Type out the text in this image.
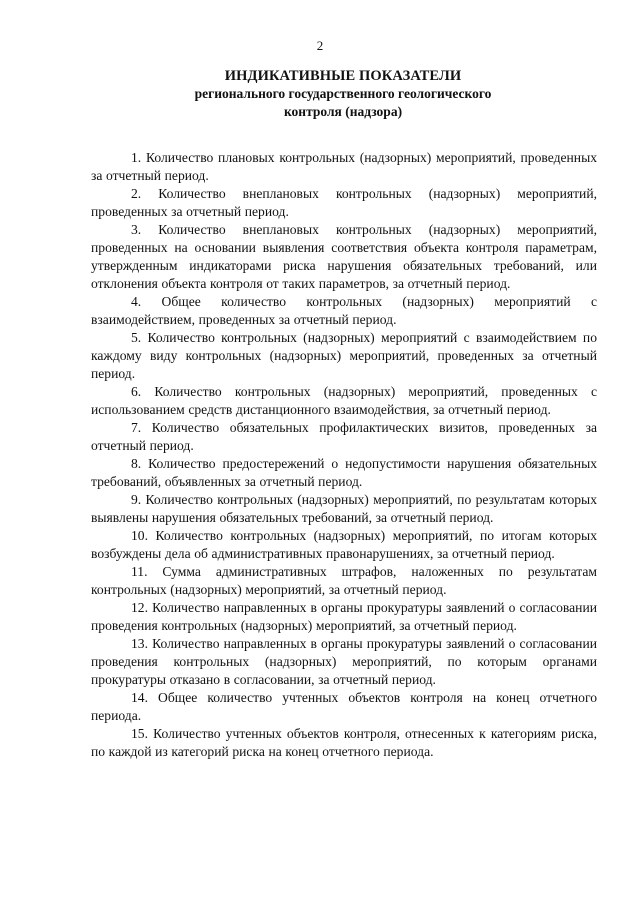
2
ИНДИКАТИВНЫЕ ПОКАЗАТЕЛИ
регионального государственного геологического
контроля (надзора)

1. Количество плановых контрольных (надзорных) мероприятий, проведенных за отчетный период.

2. Количество внеплановых контрольных (надзорных) мероприятий, проведенных за отчетный период.

3. Количество внеплановых контрольных (надзорных) мероприятий, проведенных на основании выявления соответствия объекта контроля параметрам, утвержденным индикаторами риска нарушения обязательных требований, или отклонения объекта контроля от таких параметров, за отчетный период.

4. Общее количество контрольных (надзорных) мероприятий с взаимодействием, проведенных за отчетный период.

5. Количество контрольных (надзорных) мероприятий с взаимодействием по каждому виду контрольных (надзорных) мероприятий, проведенных за отчетный период.

6. Количество контрольных (надзорных) мероприятий, проведенных с использованием средств дистанционного взаимодействия, за отчетный период.

7. Количество обязательных профилактических визитов, проведенных за отчетный период.

8. Количество предостережений о недопустимости нарушения обязательных требований, объявленных за отчетный период.

9. Количество контрольных (надзорных) мероприятий, по результатам которых выявлены нарушения обязательных требований, за отчетный период.

10. Количество контрольных (надзорных) мероприятий, по итогам которых возбуждены дела об административных правонарушениях, за отчетный период.

11. Сумма административных штрафов, наложенных по результатам контрольных (надзорных) мероприятий, за отчетный период.

12. Количество направленных в органы прокуратуры заявлений о согласовании проведения контрольных (надзорных) мероприятий, за отчетный период.

13. Количество направленных в органы прокуратуры заявлений о согласовании проведения контрольных (надзорных) мероприятий, по которым органами прокуратуры отказано в согласовании, за отчетный период.

14. Общее количество учтенных объектов контроля на конец отчетного периода.

15. Количество учтенных объектов контроля, отнесенных к категориям риска, по каждой из категорий риска на конец отчетного периода.
